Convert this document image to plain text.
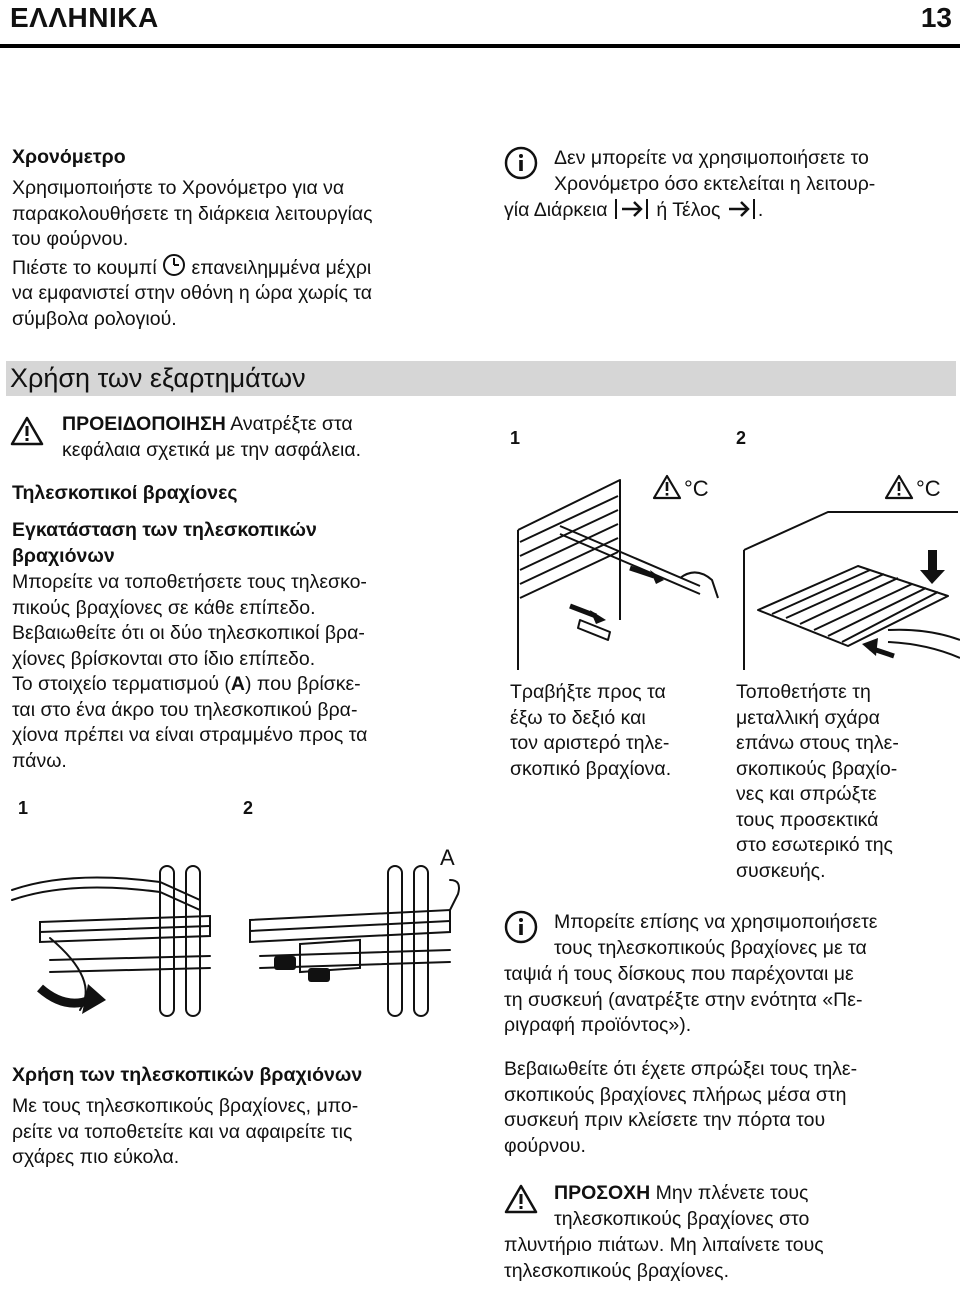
ΕΛΛΗΝΙΚΑ	13
Χρονόμετρο
Χρησιμοποιήστε το Χρονόμετρο για να
παρακολουθήσετε τη διάρκεια λειτουργίας
του φούρνου.
Πιέστε το κουμπί επανειλημμένα μέχρι
να εμφανιστεί στην οθόνη η ώρα χωρίς τα
σύμβολα ρολογιού.
Δεν μπορείτε να χρησιμοποιήσετε το
Χρονόμετρο όσο εκτελείται η λειτουρ-
γία Διάρκεια	ή Τέλος .
Χρήση των εξαρτημάτων
ΠΡΟΕΙΔΟΠΟΙΗΣΗ Ανατρέξτε στα
κεφάλαια σχετικά με την ασφάλεια.
Τηλεσκοπικοί βραχίονες
Εγκατάσταση των τηλεσκοπικών
βραχιόνων
Μπορείτε να τοποθετήσετε τους τηλεσκο-
πικούς βραχίονες σε κάθε επίπεδο.
Βεβαιωθείτε ότι οι δύο τηλεσκοπικοί βρα-
χίονες βρίσκονται στο ίδιο επίπεδο.
Το στοιχείο τερματισμού (A) που βρίσκε-
ται στο ένα άκρο του τηλεσκοπικού βρα-
χίονα πρέπει να είναι στραμμένο προς τα
πάνω.
1	2
A
Χρήση των τηλεσκοπικών βραχιόνων
Με τους τηλεσκοπικούς βραχίονες, μπο-
ρείτε να τοποθετείτε και να αφαιρείτε τις
σχάρες πιο εύκολα.
1	2
°C	°C
Τραβήξτε προς τα
έξω το δεξιό και
τον αριστερό τηλε-
σκοπικό βραχίονα.
Τοποθετήστε τη
μεταλλική σχάρα
επάνω στους τηλε-
σκοπικούς βραχίο-
νες και σπρώξτε
τους προσεκτικά
στο εσωτερικό της
συσκευής.
Μπορείτε επίσης να χρησιμοποιήσετε
τους τηλεσκοπικούς βραχίονες με τα
ταψιά ή τους δίσκους που παρέχονται με
τη συσκευή (ανατρέξτε στην ενότητα «Πε-
ριγραφή προϊόντος»).
Βεβαιωθείτε ότι έχετε σπρώξει τους τηλε-
σκοπικούς βραχίονες πλήρως μέσα στη
συσκευή πριν κλείσετε την πόρτα του
φούρνου.
ΠΡΟΣΟΧΗ Μην πλένετε τους
τηλεσκοπικούς βραχίονες στο
πλυντήριο πιάτων. Μη λιπαίνετε τους
τηλεσκοπικούς βραχίονες.
